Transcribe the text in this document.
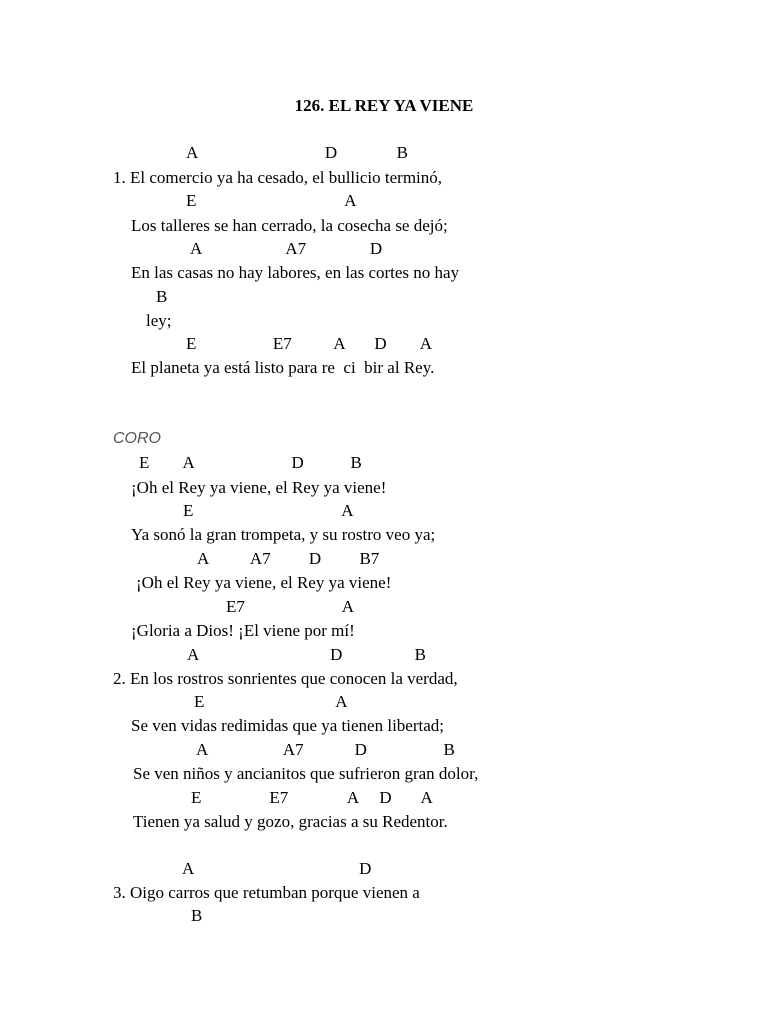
126. EL REY YA VIENE
A                              D              B
1. El comercio ya ha cesado, el bullicio terminó,
E                                   A
Los talleres se han cerrado, la cosecha se dejó;
A                    A7               D
En las casas no hay labores, en las cortes no hay
B
ley;
E                  E7          A       D        A
El planeta ya está listo para re  ci  bir al Rey.
CORO
E        A                       D           B
¡Oh el Rey ya viene, el Rey ya viene!
E                                   A
Ya sonó la gran trompeta, y su rostro veo ya;
A          A7         D         B7
¡Oh el Rey ya viene, el Rey ya viene!
E7                       A
¡Gloria a Dios! ¡El viene por mí!
A                               D                 B
2. En los rostros sonrientes que conocen la verdad,
E                               A
Se ven vidas redimidas que ya tienen libertad;
A                  A7            D                  B
Se ven niños y ancianitos que sufrieron gran dolor,
E                E7              A     D       A
Tienen ya salud y gozo, gracias a su Redentor.
A                                       D
3. Oigo carros que retumban porque vienen a
B
